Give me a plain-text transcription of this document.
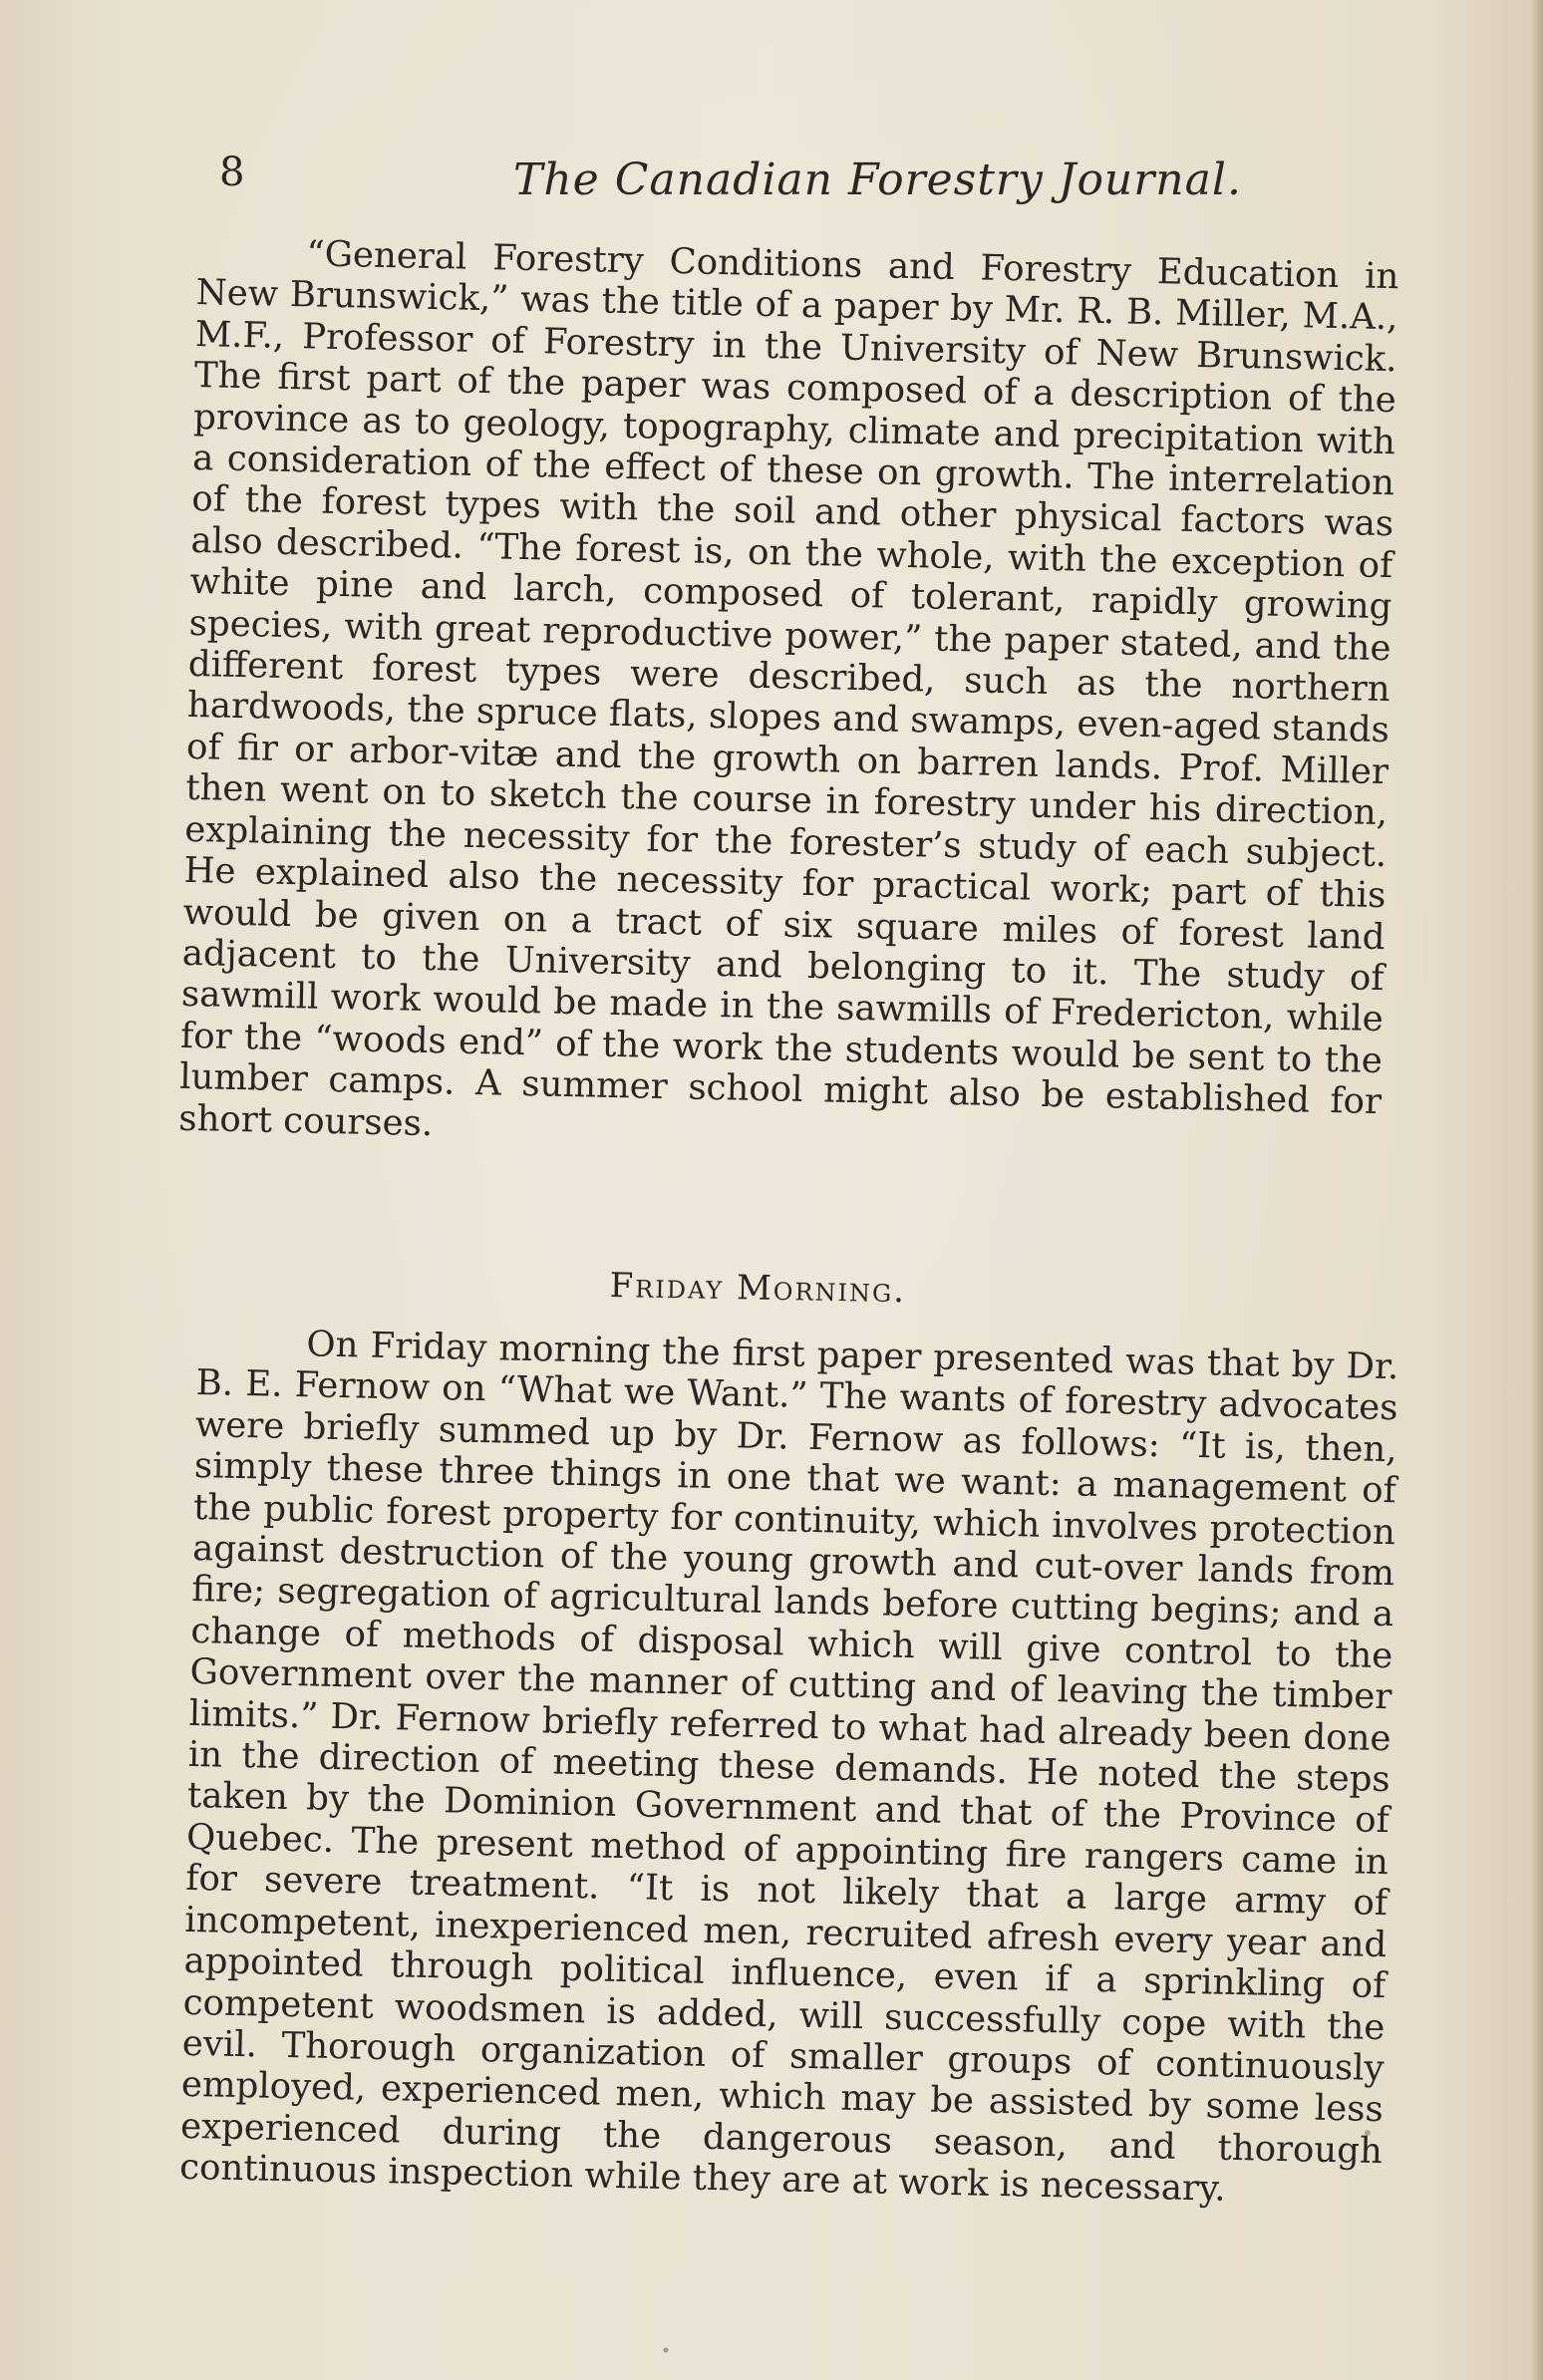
8	The Canadian Forestry Journal.

“General Forestry Conditions and Forestry Education in New Brunswick,” was the title of a paper by Mr. R. B. Miller, M.A., M.F., Professor of Forestry in the University of New Brunswick. The first part of the paper was composed of a description of the province as to geology, topography, climate and precipitation with a consideration of the effect of these on growth. The interrelation of the forest types with the soil and other physical factors was also described. “The forest is, on the whole, with the exception of white pine and larch, composed of tolerant, rapidly growing species, with great reproductive power,” the paper stated, and the different forest types were described, such as the northern hardwoods, the spruce flats, slopes and swamps, even-aged stands of fir or arbor-vitæ and the growth on barren lands. Prof. Miller then went on to sketch the course in forestry under his direction, explaining the necessity for the forester’s study of each subject. He explained also the necessity for practical work; part of this would be given on a tract of six square miles of forest land adjacent to the University and belonging to it. The study of sawmill work would be made in the sawmills of Fredericton, while for the “woods end” of the work the students would be sent to the lumber camps. A summer school might also be established for short courses.

Friday Morning.

On Friday morning the first paper presented was that by Dr. B. E. Fernow on “What we Want.” The wants of forestry advocates were briefly summed up by Dr. Fernow as follows: “It is, then, simply these three things in one that we want: a management of the public forest property for continuity, which involves protection against destruction of the young growth and cut-over lands from fire; segregation of agricultural lands before cutting begins; and a change of methods of disposal which will give control to the Government over the manner of cutting and of leaving the timber limits.” Dr. Fernow briefly referred to what had already been done in the direction of meeting these demands. He noted the steps taken by the Dominion Government and that of the Province of Quebec. The present method of appointing fire rangers came in for severe treatment. “It is not likely that a large army of incompetent, inexperienced men, recruited afresh every year and appointed through political influence, even if a sprinkling of competent woodsmen is added, will successfully cope with the evil. Thorough organization of smaller groups of continuously employed, experienced men, which may be assisted by some less experienced during the dangerous season, and thorough continuous inspection while they are at work is necessary.
